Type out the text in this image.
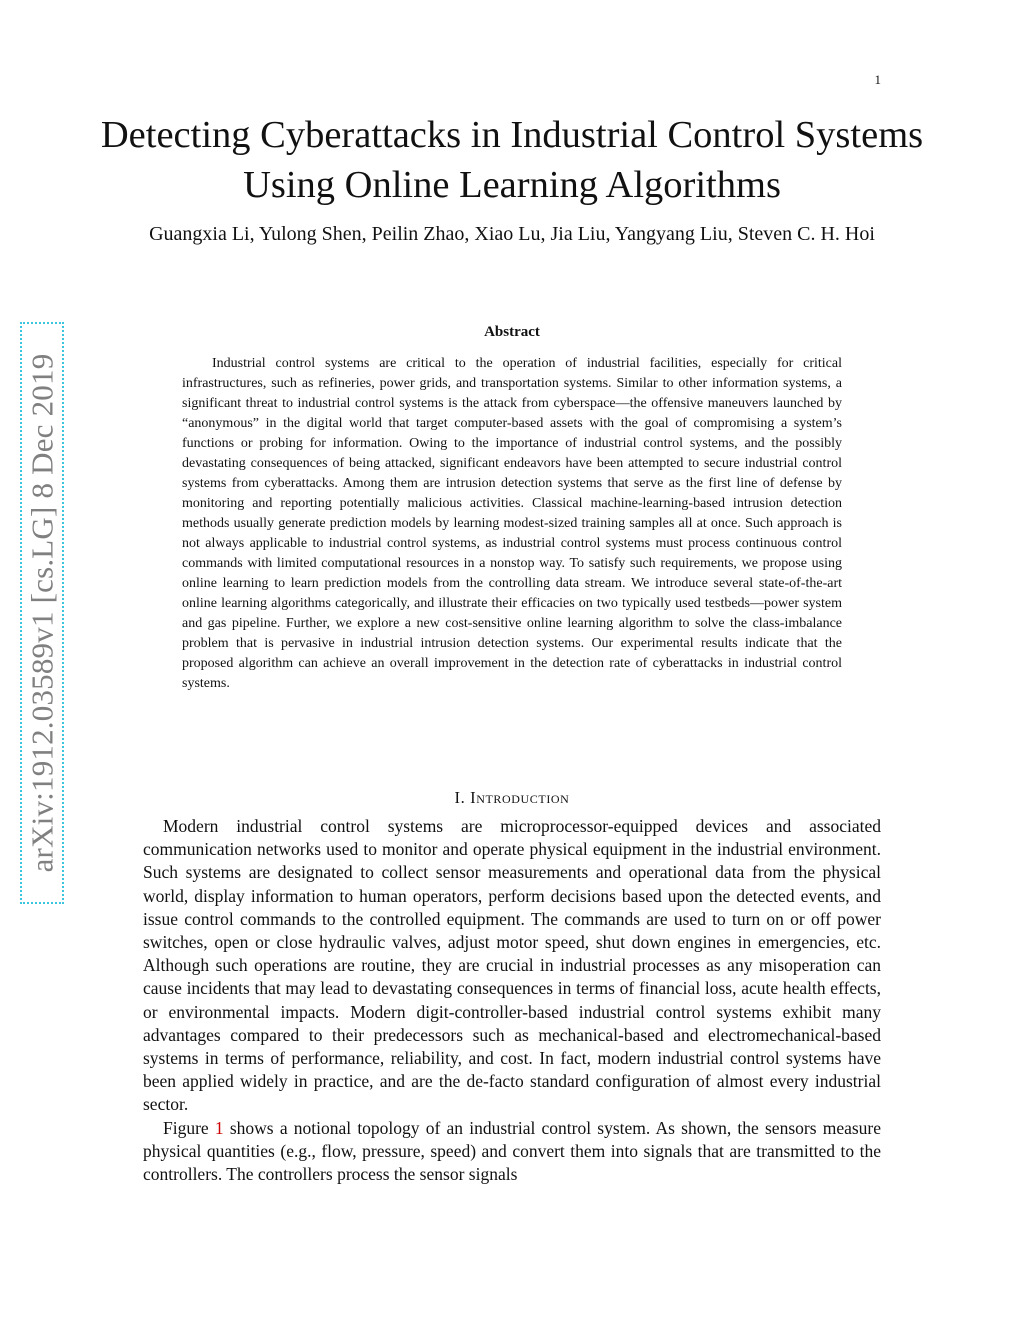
1
arXiv:1912.03589v1 [cs.LG] 8 Dec 2019
Detecting Cyberattacks in Industrial Control Systems Using Online Learning Algorithms
Guangxia Li, Yulong Shen, Peilin Zhao, Xiao Lu, Jia Liu, Yangyang Liu, Steven C. H. Hoi
Abstract

Industrial control systems are critical to the operation of industrial facilities, especially for critical infrastructures, such as refineries, power grids, and transportation systems. Similar to other information systems, a significant threat to industrial control systems is the attack from cyberspace—the offensive maneuvers launched by “anonymous” in the digital world that target computer-based assets with the goal of compromising a system’s functions or probing for information. Owing to the importance of industrial control systems, and the possibly devastating consequences of being attacked, significant endeavors have been attempted to secure industrial control systems from cyberattacks. Among them are intrusion detection systems that serve as the first line of defense by monitoring and reporting potentially malicious activities. Classical machine-learning-based intrusion detection methods usually generate prediction models by learning modest-sized training samples all at once. Such approach is not always applicable to industrial control systems, as industrial control systems must process continuous control commands with limited computational resources in a nonstop way. To satisfy such requirements, we propose using online learning to learn prediction models from the controlling data stream. We introduce several state-of-the-art online learning algorithms categorically, and illustrate their efficacies on two typically used testbeds—power system and gas pipeline. Further, we explore a new cost-sensitive online learning algorithm to solve the class-imbalance problem that is pervasive in industrial intrusion detection systems. Our experimental results indicate that the proposed algorithm can achieve an overall improvement in the detection rate of cyberattacks in industrial control systems.

I. Introduction

Modern industrial control systems are microprocessor-equipped devices and associated communication networks used to monitor and operate physical equipment in the industrial environment. Such systems are designated to collect sensor measurements and operational data from the physical world, display information to human operators, perform decisions based upon the detected events, and issue control commands to the controlled equipment. The commands are used to turn on or off power switches, open or close hydraulic valves, adjust motor speed, shut down engines in emergencies, etc. Although such operations are routine, they are crucial in industrial processes as any misoperation can cause incidents that may lead to devastating consequences in terms of financial loss, acute health effects, or environmental impacts. Modern digit-controller-based industrial control systems exhibit many advantages compared to their predecessors such as mechanical-based and electromechanical-based systems in terms of performance, reliability, and cost. In fact, modern industrial control systems have been applied widely in practice, and are the de-facto standard configuration of almost every industrial sector.

Figure 1 shows a notional topology of an industrial control system. As shown, the sensors measure physical quantities (e.g., flow, pressure, speed) and convert them into signals that are transmitted to the controllers. The controllers process the sensor signals
